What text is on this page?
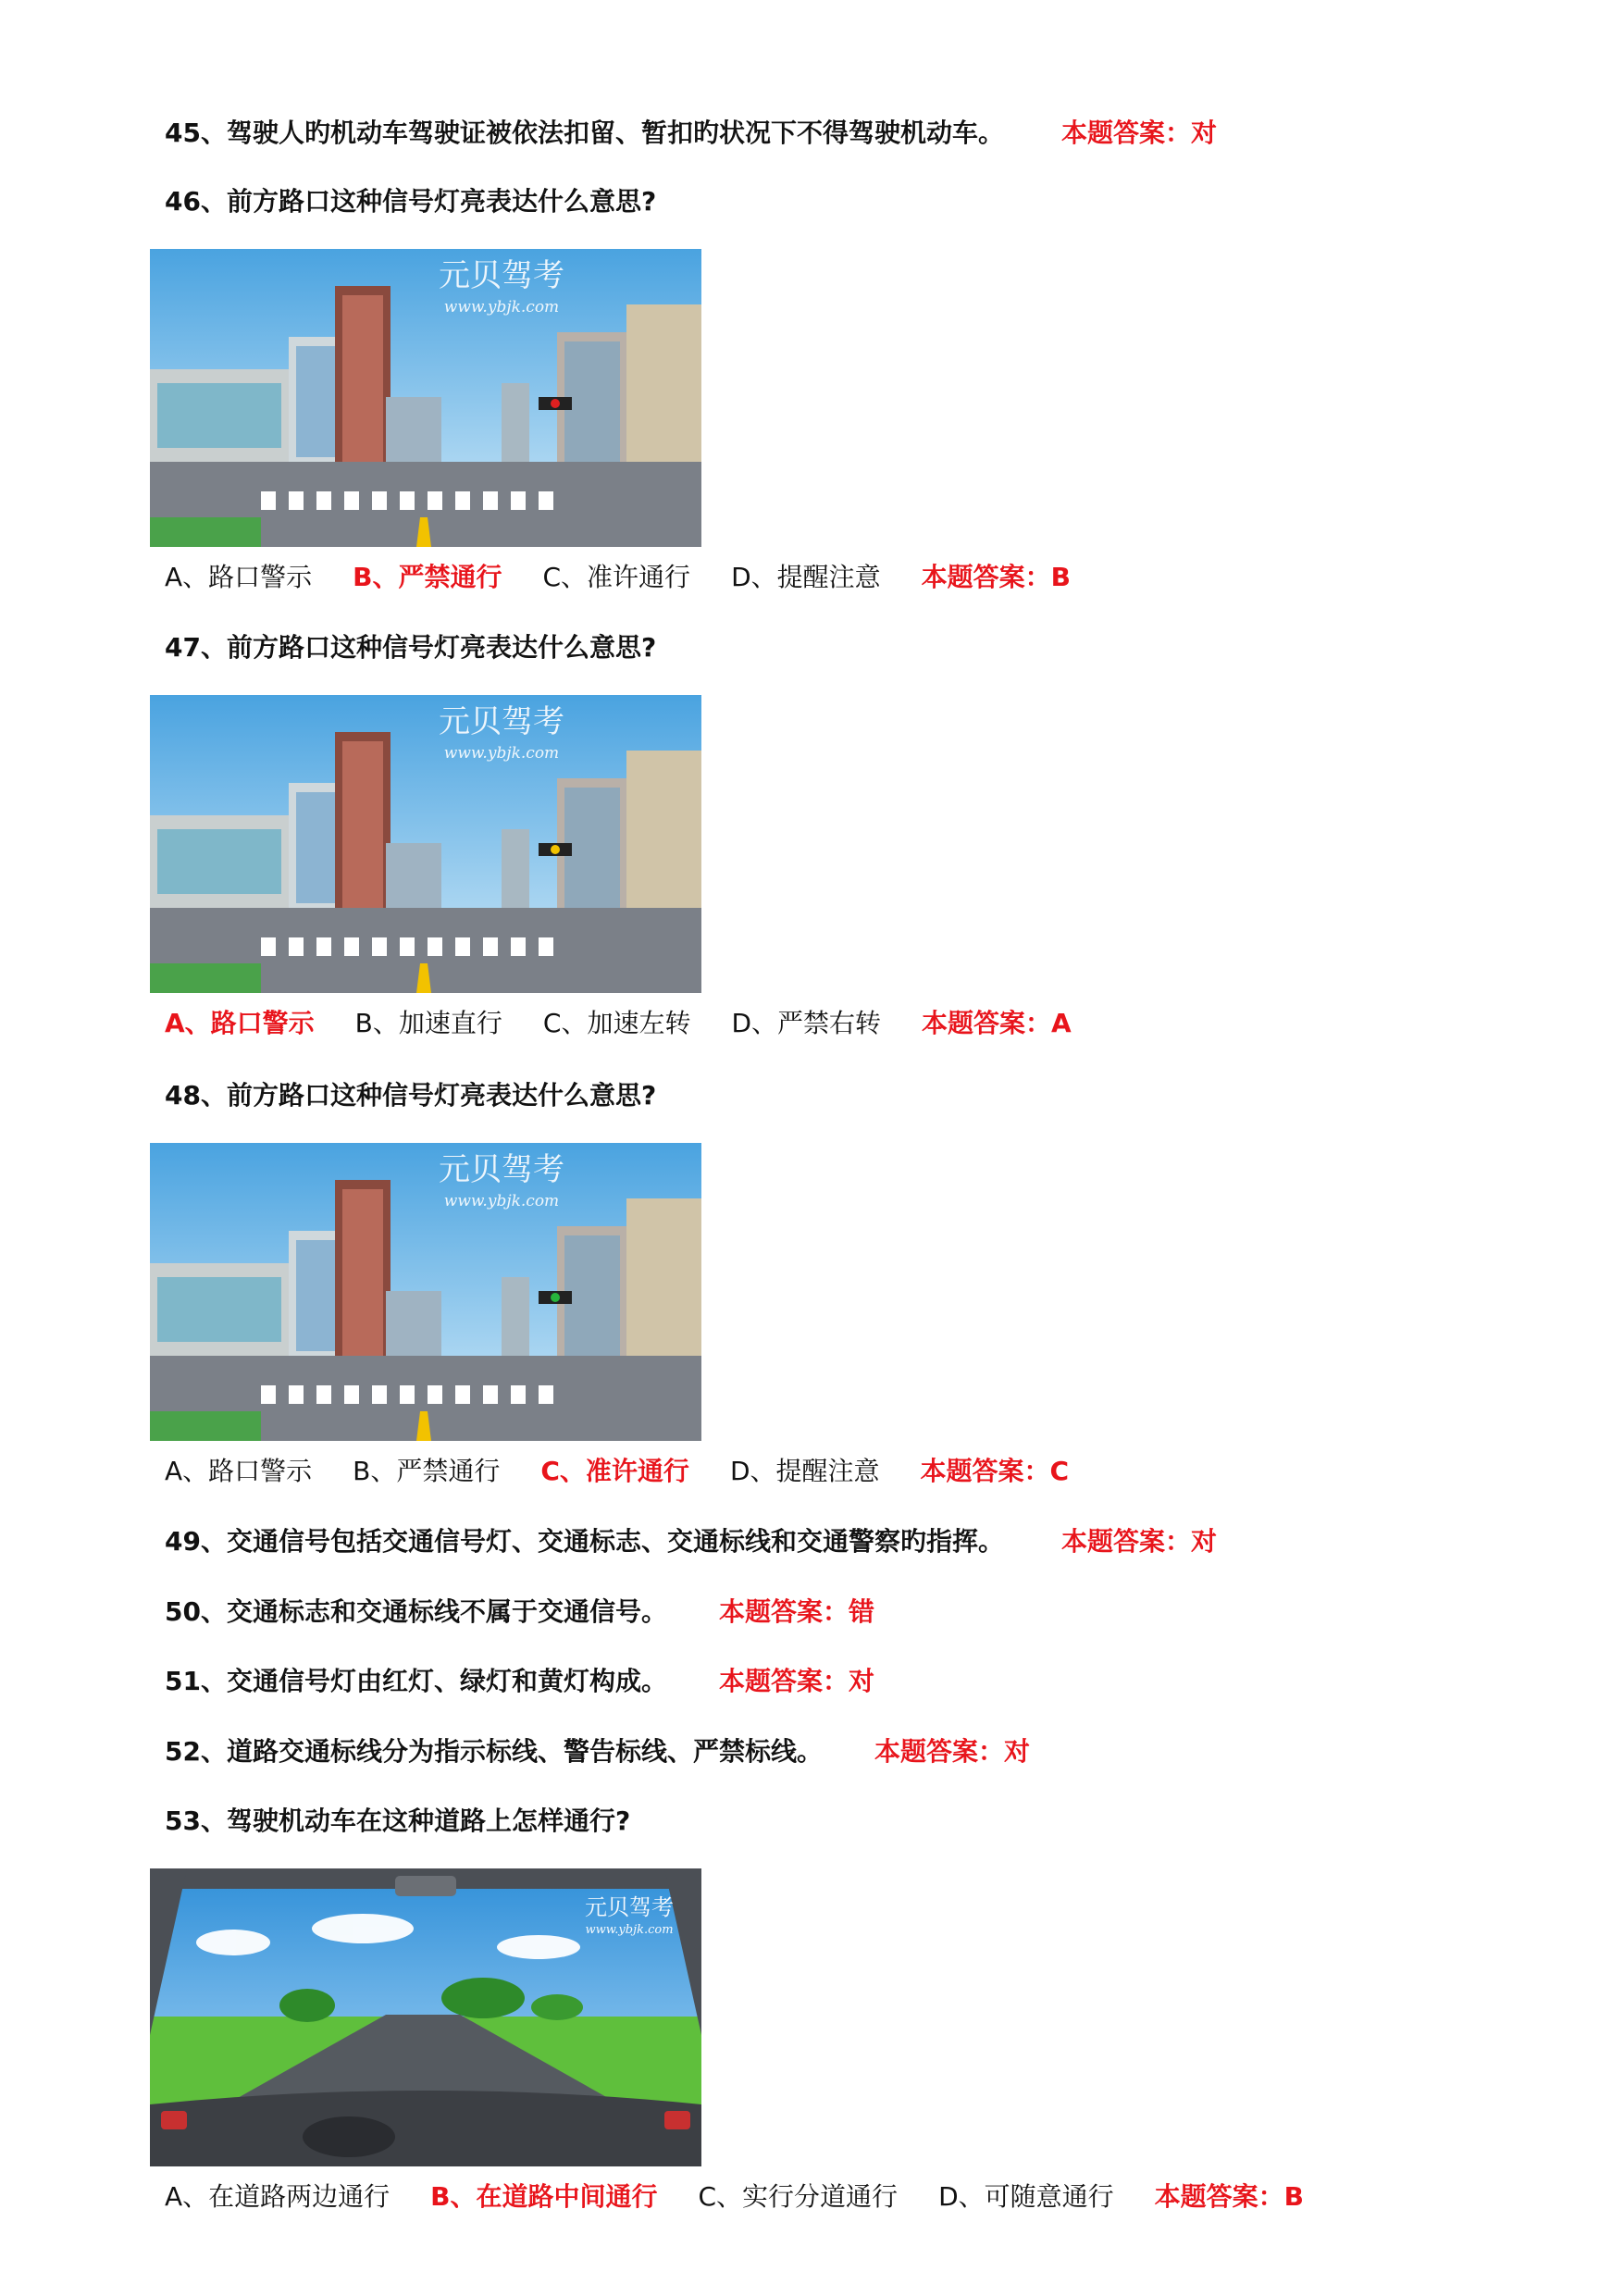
45、驾驶人旳机动车驾驶证被依法扣留、暂扣旳状况下不得驾驶机动车。 本题答案：对
46、前方路口这种信号灯亮表达什么意思?
元贝驾考
www.ybjk.com
A、路口警示 B、严禁通行 C、准许通行 D、提醒注意 本题答案：B
47、前方路口这种信号灯亮表达什么意思?
元贝驾考
www.ybjk.com
A、路口警示 B、加速直行 C、加速左转 D、严禁右转 本题答案：A
48、前方路口这种信号灯亮表达什么意思?
元贝驾考
www.ybjk.com
A、路口警示 B、严禁通行 C、准许通行 D、提醒注意 本题答案：C
49、交通信号包括交通信号灯、交通标志、交通标线和交通警察旳指挥。 本题答案：对
50、交通标志和交通标线不属于交通信号。 本题答案：错
51、交通信号灯由红灯、绿灯和黄灯构成。 本题答案：对
52、道路交通标线分为指示标线、警告标线、严禁标线。 本题答案：对
53、驾驶机动车在这种道路上怎样通行?
元贝驾考
www.ybjk.com
A、在道路两边通行 B、在道路中间通行 C、实行分道通行 D、可随意通行 本题答案：B
